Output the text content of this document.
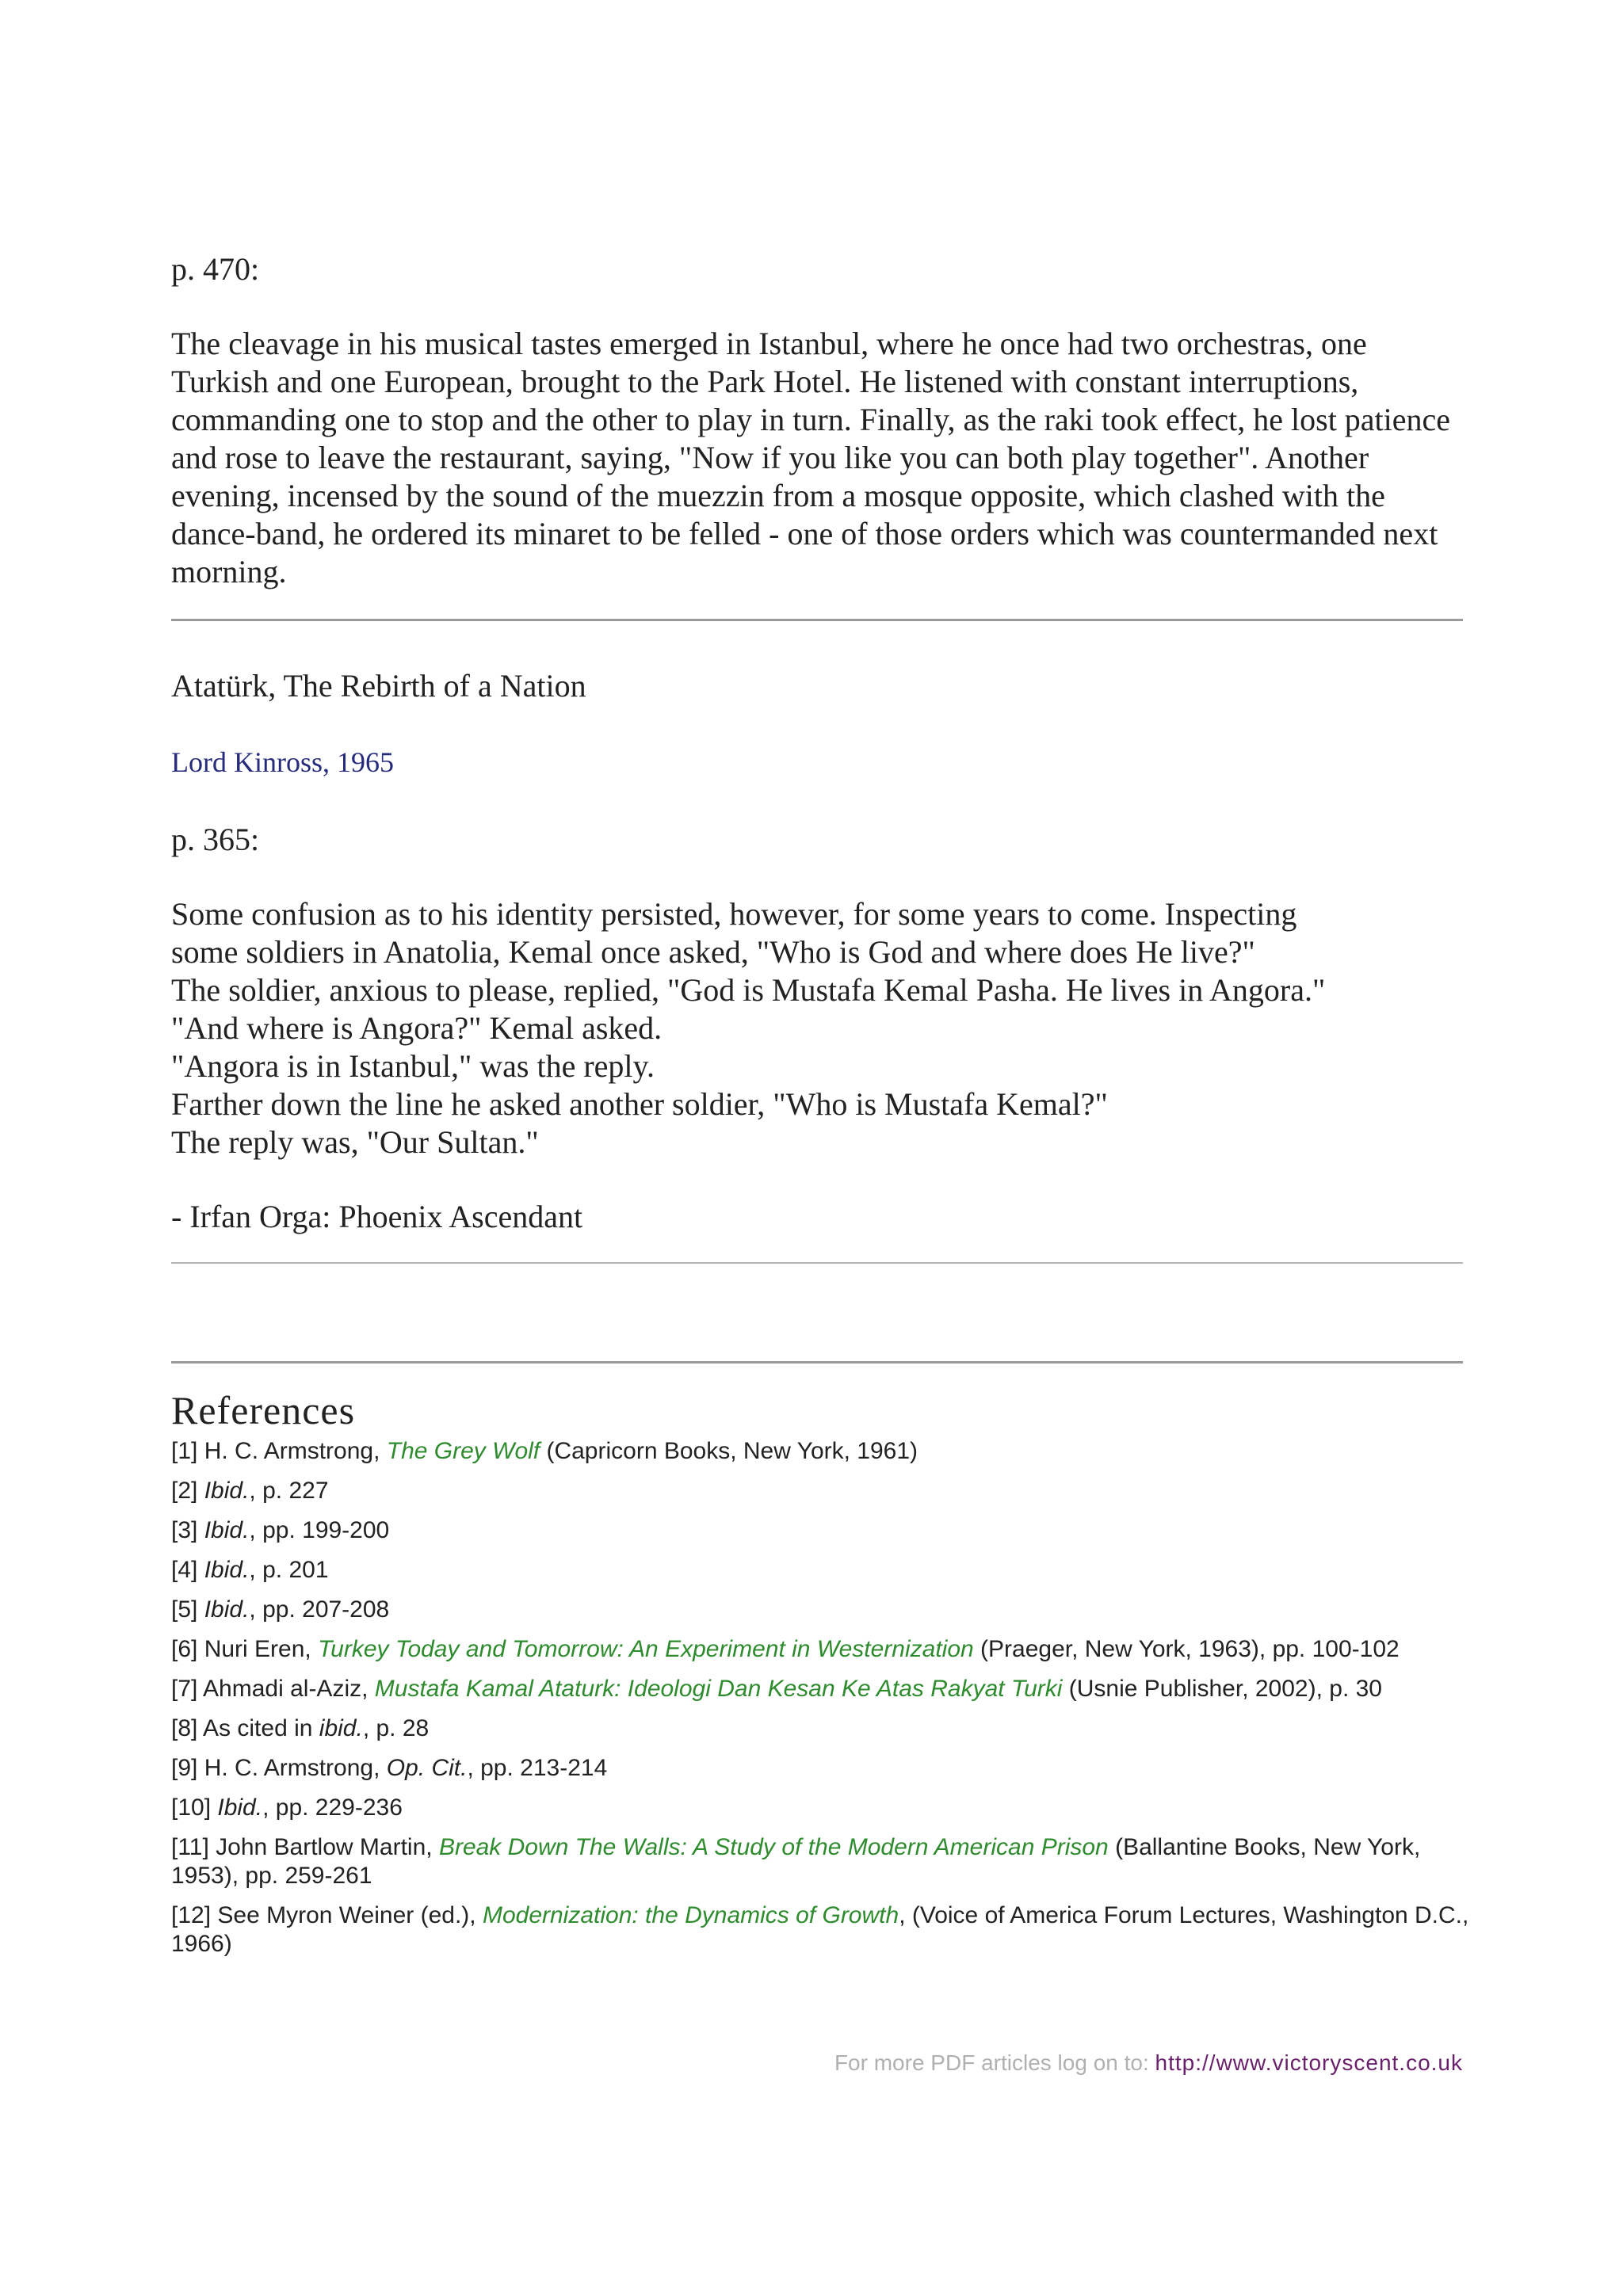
p. 470:
The cleavage in his musical tastes emerged in Istanbul, where he once had two orchestras, one Turkish and one European, brought to the Park Hotel. He listened with constant interruptions, commanding one to stop and the other to play in turn. Finally, as the raki took effect, he lost patience and rose to leave the restaurant, saying, "Now if you like you can both play together". Another evening, incensed by the sound of the muezzin from a mosque opposite, which clashed with the dance-band, he ordered its minaret to be felled - one of those orders which was countermanded next morning.
Atatürk, The Rebirth of a Nation
Lord Kinross, 1965
p. 365:
Some confusion as to his identity persisted, however, for some years to come. Inspecting
some soldiers in Anatolia, Kemal once asked, "Who is God and where does He live?"
The soldier, anxious to please, replied, "God is Mustafa Kemal Pasha. He lives in Angora."
"And where is Angora?" Kemal asked.
"Angora is in Istanbul," was the reply.
Farther down the line he asked another soldier, "Who is Mustafa Kemal?"
The reply was, "Our Sultan."
- Irfan Orga: Phoenix Ascendant
References
[1] H. C. Armstrong, The Grey Wolf (Capricorn Books, New York, 1961)
[2] Ibid., p. 227
[3] Ibid., pp. 199-200
[4] Ibid., p. 201
[5] Ibid., pp. 207-208
[6] Nuri Eren, Turkey Today and Tomorrow: An Experiment in Westernization (Praeger, New York, 1963), pp. 100-102
[7] Ahmadi al-Aziz, Mustafa Kamal Ataturk: Ideologi Dan Kesan Ke Atas Rakyat Turki (Usnie Publisher, 2002), p. 30
[8] As cited in ibid., p. 28
[9] H. C. Armstrong, Op. Cit., pp. 213-214
[10] Ibid., pp. 229-236
[11] John Bartlow Martin, Break Down The Walls: A Study of the Modern American Prison (Ballantine Books, New York, 1953), pp. 259-261
[12] See Myron Weiner (ed.), Modernization: the Dynamics of Growth, (Voice of America Forum Lectures, Washington D.C., 1966)
For more PDF articles log on to: http://www.victoryscent.co.uk
